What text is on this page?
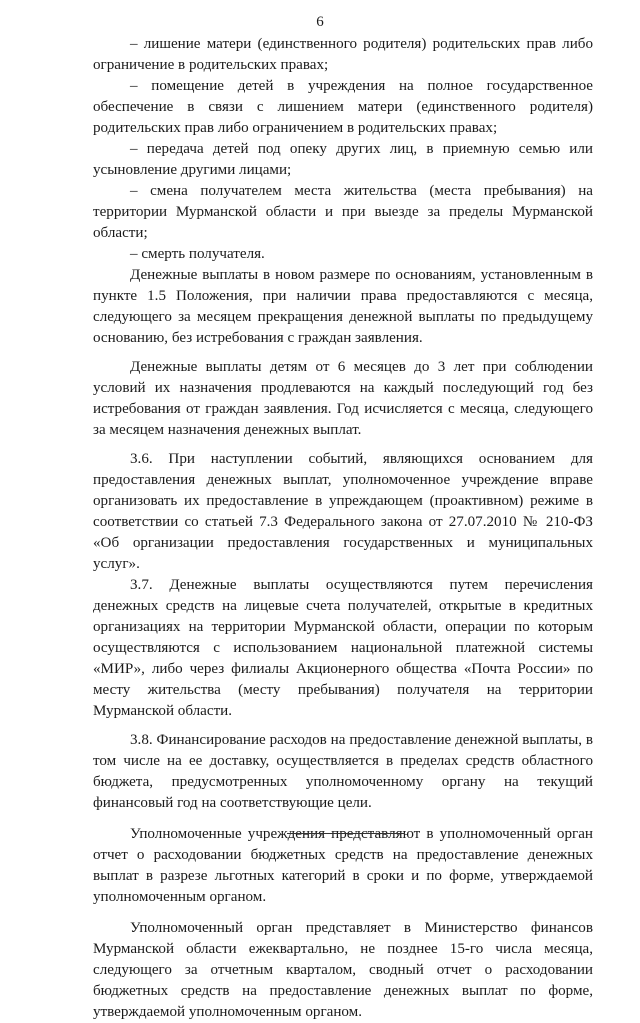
6

– лишение матери (единственного родителя) родительских прав либо ограничение в родительских правах;

– помещение детей в учреждения на полное государственное обеспечение в связи с лишением матери (единственного родителя) родительских прав либо ограничением в родительских правах;

– передача детей под опеку других лиц, в приемную семью или усыновление другими лицами;

– смена получателем места жительства (места пребывания) на территории Мурманской области и при выезде за пределы Мурманской области;

– смерть получателя.

Денежные выплаты в новом размере по основаниям, установленным в пункте 1.5 Положения, при наличии права предоставляются с месяца, следующего за месяцем прекращения денежной выплаты по предыдущему основанию, без истребования с граждан заявления.

Денежные выплаты детям от 6 месяцев до 3 лет при соблюдении условий их назначения продлеваются на каждый последующий год без истребования от граждан заявления. Год исчисляется с месяца, следующего за месяцем назначения денежных выплат.

3.6. При наступлении событий, являющихся основанием для предоставления денежных выплат, уполномоченное учреждение вправе организовать их предоставление в упреждающем (проактивном) режиме в соответствии со статьей 7.3 Федерального закона от 27.07.2010 № 210-ФЗ «Об организации предоставления государственных и муниципальных услуг».

3.7. Денежные выплаты осуществляются путем перечисления денежных средств на лицевые счета получателей, открытые в кредитных организациях на территории Мурманской области, операции по которым осуществляются с использованием национальной платежной системы «МИР», либо через филиалы Акционерного общества «Почта России» по месту жительства (месту пребывания) получателя на территории Мурманской области.

3.8. Финансирование расходов на предоставление денежной выплаты, в том числе на ее доставку, осуществляется в пределах средств областного бюджета, предусмотренных уполномоченному органу на текущий финансовый год на соответствующие цели.

Уполномоченные учреждения представляют в уполномоченный орган отчет о расходовании бюджетных средств на предоставление денежных выплат в разрезе льготных категорий в сроки и по форме, утверждаемой уполномоченным органом.

Уполномоченный орган представляет в Министерство финансов Мурманской области ежеквартально, не позднее 15-го числа месяца, следующего за отчетным кварталом, сводный отчет о расходовании бюджетных средств на предоставление денежных выплат по форме, утверждаемой уполномоченным органом.
